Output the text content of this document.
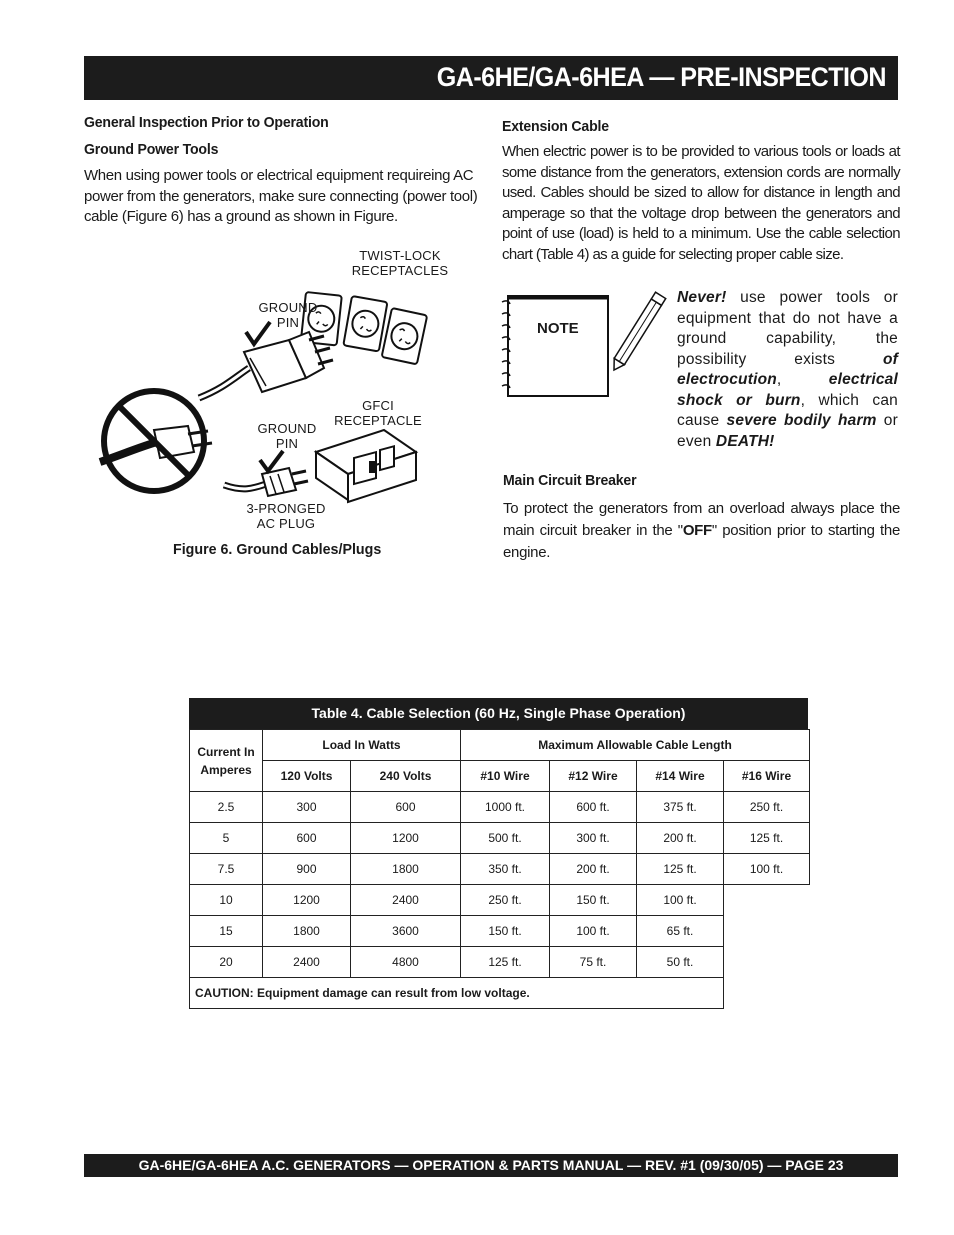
GA-6HE/GA-6HEA — PRE-INSPECTION
General Inspection Prior to Operation
Ground Power Tools
When using power tools or electrical equipment requireing AC power from the generators, make sure connecting (power tool) cable (Figure 6) has a ground as shown in Figure.
TWIST-LOCK
RECEPTACLES
GROUND
PIN
GFCI
RECEPTACLE
GROUND
PIN
3-PRONGED
AC PLUG
Figure 6. Ground Cables/Plugs
Extension Cable
When electric power is to be provided to various tools or loads at some distance from the generators, extension cords are normally used. Cables should be sized to allow for distance in length and amperage so that the voltage drop between the generators and point of use (load) is held to a minimum. Use the cable selection chart (Table 4) as a guide for selecting proper cable size.
NOTE
Never! use power tools or equipment that do not have a ground capability, the possibility exists of electrocution, electrical shock or burn, which can cause severe bodily harm or even DEATH!
Main Circuit Breaker
To protect the generators from an overload always place the main circuit breaker in the "OFF" position prior to starting the engine.
Table 4. Cable Selection (60 Hz, Single Phase Operation)
Current In
Amperes	Load In Watts		Maximum Allowable Cable Length			
	120 Volts	240 Volts	#10 Wire	#12 Wire	#14 Wire	#16 Wire
2.5	300	600	1000 ft.	600 ft.	375 ft.	250 ft.
5	600	1200	500 ft.	300 ft.	200 ft.	125 ft.
7.5	900	1800	350 ft.	200 ft.	125 ft.	100 ft.
10	1200	2400	250 ft.	150 ft.	100 ft.	
15	1800	3600	150 ft.	100 ft.	65 ft.	
20	2400	4800	125 ft.	75 ft.	50 ft.	
CAUTION: Equipment damage can result from low voltage.						
GA-6HE/GA-6HEA A.C. GENERATORS — OPERATION & PARTS MANUAL — REV. #1 (09/30/05) — PAGE 23
